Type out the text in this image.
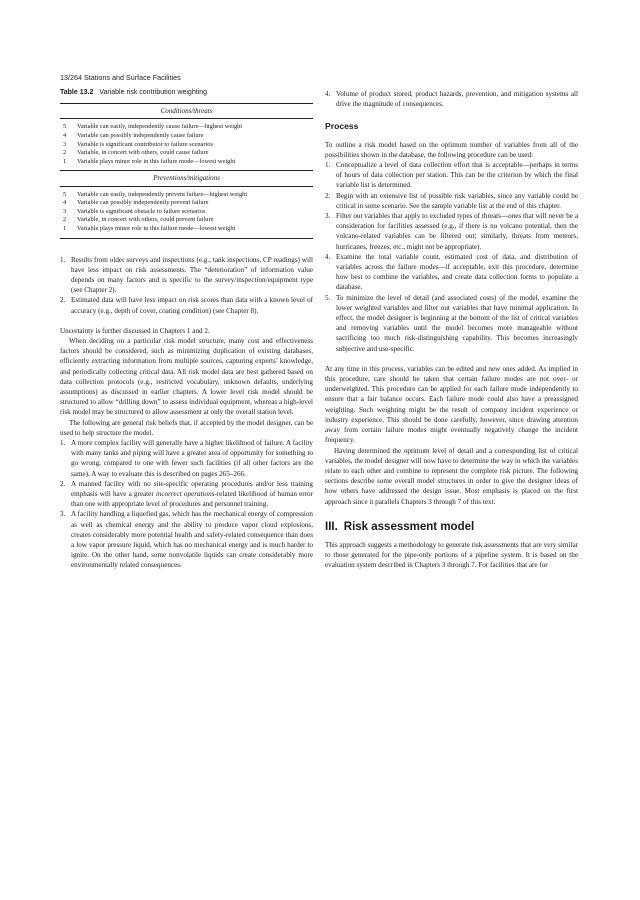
13/264 Stations and Surface Facilities
Table 13.2 Variable risk contribution weighting
Conditions/threats
5	Variable can easily, independently cause failure—highest weight
4	Variable can possibly independently cause failure
3	Variable is significant contributor to failure scenarios
2	Variable, in concert with others, could cause failure
1	Variable plays minor role in this failure mode—lowest weight
Preventions/mitigations
5	Variable can easily, independently prevent failure—highest weight
4	Variable can possibly independently prevent failure
3	Variable is significant obstacle to failure scenarios
2	Variable, in concert with others, could prevent failure
1	Variable plays minor role in this failure mode—lowest weight
1. Results from older surveys and inspections (e.g., tank inspections, CP readings) will have less impact on risk assessments. The “deterioration” of information value depends on many factors and is specific to the survey/inspection/equipment type (see Chapter 2).
2. Estimated data will have less impact on risk scores than data with a known level of accuracy (e.g., depth of cover, coating condition) (see Chapter 8).

Uncertainty is further discussed in Chapters 1 and 2.

When deciding on a particular risk model structure, many cost and effectiveness factors should be considered, such as minimizing duplication of existing databases, efficiently extracting information from multiple sources, capturing experts’ knowledge, and periodically collecting critical data. All risk model data are best gathered based on data collection protocols (e.g., restricted vocabulary, unknown defaults, underlying assumptions) as discussed in earlier chapters. A lower level risk model should be structured to allow “drilling down” to assess individual equipment, whereas a high-level risk model may be structured to allow assessment at only the overall station level.

The following are general risk beliefs that, if accepted by the model designer, can be used to help structure the model.

1. A more complex facility will generally have a higher likelihood of failure. A facility with many tanks and piping will have a greater area of opportunity for something to go wrong, compared to one with fewer such facilities (if all other factors are the same). A way to evaluate this is described on pages 265–266.
2. A manned facility with no site-specific operating procedures and/or less training emphasis will have a greater incorrect operations-related likelihood of human error than one with appropriate level of procedures and personnel training.
3. A facility handling a liquefied gas, which has the mechanical energy of compression as well as chemical energy and the ability to produce vapor cloud explosions, creates considerably more potential health and safety-related consequence than does a low vapor pressure liquid, which has no mechanical energy and is much harder to ignite. On the other hand, some nonvolatile liquids can create considerably more environmentally related consequences.
4. Volume of product stored, product hazards, prevention, and mitigation systems all drive the magnitude of consequences.
Process

To outline a risk model based on the optimum number of variables from all of the possibilities shown in the database, the following procedure can be used:

1. Conceptualize a level of data collection effort that is acceptable—perhaps in terms of hours of data collection per station. This can be the criterion by which the final variable list is determined.
2. Begin with an extensive list of possible risk variables, since any variable could be critical in some scenario. See the sample variable list at the end of this chapter.
3. Filter out variables that apply to excluded types of threats—ones that will never be a consideration for facilities assessed (e.g., if there is no volcano potential, then the volcano-related variables can be filtered out; similarly, threats from meteors, hurricanes, freezes, etc., might not be appropriate).
4. Examine the total variable count, estimated cost of data, and distribution of variables across the failure modes—if acceptable, exit this procedure, determine how best to combine the variables, and create data collection forms to populate a database.
5. To minimize the level of detail (and associated costs) of the model, examine the lower weighted variables and filter out variables that have minimal application. In effect, the model designer is beginning at the bottom of the list of critical variables and removing variables until the model becomes more manageable without sacrificing too much risk-distinguishing capability. This becomes increasingly subjective and use-specific.

At any time in this process, variables can be edited and new ones added. As implied in this procedure, care should be taken that certain failure modes are not over- or underweighted. This procedure can be applied for each failure mode independently to ensure that a fair balance occurs. Each failure mode could also have a preassigned weighting. Such weighting might be the result of company incident experience or industry experience. This should be done carefully, however, since drawing attention away from certain failure modes might eventually negatively change the incident frequency.

Having determined the optimum level of detail and a corresponding list of critical variables, the model designer will now have to determine the way in which the variables relate to each other and combine to represent the complete risk picture. The following sections describe some overall model structures in order to give the designer ideas of how others have addressed the design issue. Most emphasis is placed on the first approach since it parallels Chapters 3 through 7 of this text.

III. Risk assessment model

This approach suggests a methodology to generate risk assessments that are very similar to those generated for the pipe-only portions of a pipeline system. It is based on the evaluation system described in Chapters 3 through 7. For facilities that are for
